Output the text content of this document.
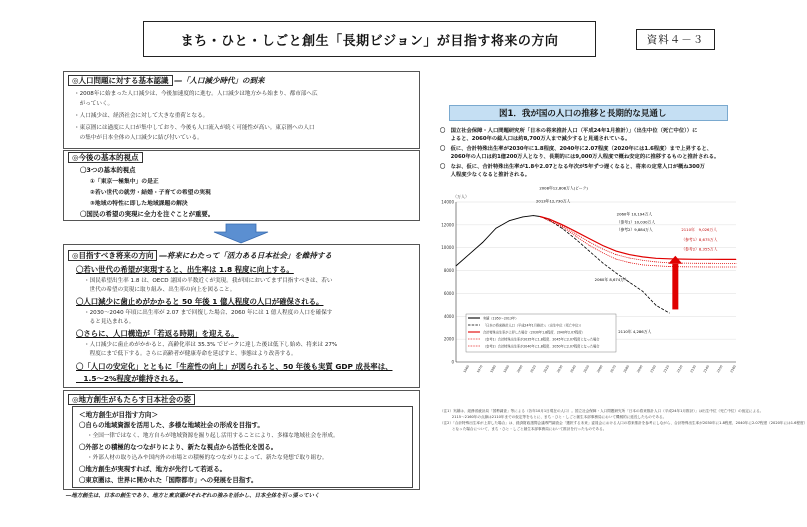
まち・ひと・しごと創生「長期ビジョン」が目指す将来の方向	資料４－３
◎人口問題に対する基本認識 ―「人口減少時代」の到来
・2008年に始まった人口減少は、今後加速度的に進む。人口減少は地方から始まり、都市部へ広
　がっていく。
・人口減少は、経済社会に対して大きな重荷となる。
・東京圏には過度に人口が集中しており、今後も人口流入が続く可能性が高い。東京圏への人口
　の集中が日本全体の人口減少に結び付いている。
◎今後の基本的視点
〇3つの基本的視点
①「東京一極集中」の是正
②若い世代の就労・結婚・子育ての希望の実現
③地域の特性に即した地域課題の解決
〇国民の希望の実現に全力を注ぐことが重要。
◎目指すべき将来の方向 ―将来にわたって「活力ある日本社会」を維持する
〇若い世代の希望が実現すると、出生率は 1.8 程度に向上する。
・国民希望出生率 1.8 は、OECD 諸国の半数近くが実現。我が国においてまず目指すべきは、若い
　世代の希望の実現に取り組み、出生率の向上を図ること。
〇人口減少に歯止めがかかると 50 年後 1 億人程度の人口が確保される。
・2030～2040 年頃に出生率が 2.07 まで回復した場合、2060 年には 1 億人程度の人口を確保す
　ると見込まれる。
〇さらに、人口構造が「若返る時期」を迎える。
・人口減少に歯止めがかかると、高齢化率は 35.3% でピークに達した後は低下し始め、将来は 27%
　程度にまで低下する。さらに高齢者が健康寿命を延ばすと、事態はより改善する。
〇「人口の安定化」とともに「生産性の向上」が図られると、50 年後も実質 GDP 成長率は、
　1.5～2%程度が維持される。
◎地方創生がもたらす日本社会の姿
＜地方創生が目指す方向＞
〇自らの地域資源を活用した、多様な地域社会の形成を目指す。
・全国一律ではなく、地方自らが地域資源を掘り起し活用することにより、多様な地域社会を形成。
〇外部との積極的なつながりにより、新たな視点から活性化を図る。
・外部人材の取り込みや国内外の市場との積極的なつながりによって、新たな発想で取り組む。
〇地方創生が実現すれば、地方が先行して若返る。
〇東京圏は、世界に開かれた「国際都市」への発展を目指す。
―地方創生は、日本の創生であり、地方と東京圏がそれぞれの強みを活かし、日本全体を引っ張っていく
図1．我が国の人口の推移と長期的な見通し
〇　国立社会保障・人口問題研究所「日本の将来推計人口（平成24年1月推計）」（出生中位（死亡中位））に
　　よると、2060年の総人口は約8,700万人まで減少すると見通されている。
〇　仮に、合計特殊出生率が2030年に1.8程度、2040年に2.07程度（2020年には1.6程度）まで上昇すると、
　　2060年の人口は約1億200万人となり、長期的には9,000万人程度で概ね安定的に推移するものと推計される。
〇　なお、仮に、合計特殊出生率が1.8や2.07となる年次が5年ずつ遅くなると、将来の定常人口が概ね300万
　　人程度少なくなると推計される。
0
2000
4000
6000
8000
10000
12000
14000
（万人）
1960 1970 1980 1990 2000 2010 2020 2030 2040 2050 2060 2070 2080 2090 2100 2110 2120 2130 2140 2150 2160
2008年12,808万人(ピーク)
2013年12,730万人
2060年 10,194万人
（参考1）10,030万人
（参考2）9,884万人	2110年　9,026万人
（参考1）8,675万人
（参考2）8,355万人
2060年 8,674万人
2110年 4,286万人
実績（1950～2013年）
「日本の将来推計人口（平成24年1月推計）」（出生中位（死亡中位））
合計特殊出生率が上昇した場合（2030年1.8程度、2040年2.07程度）
（参考1）合計特殊出生率が2035年に1.8程度、2045年に2.07程度となった場合
（参考2）合計特殊出生率が2040年に1.8程度、2050年に2.07程度となった場合
（注1）実績は、総務省統計局「国勢調査」等による（各年10月1日現在の人口）。国立社会保障・人口問題研究所「日本の将来推計人口（平成24年1月推計）」は出生中位（死亡中位）の仮定による。
　　　 2115～2160年の点線は2110年までの仮定等をもとに、まち・ひと・しごと創生本部事務局において機械的に延長したものである。
（注2）「合計特殊出生率が上昇した場合」は、経済財政諮問会議専門調査会「選択する未来」委員会における人口の将来推計を参考にしながら、合計特殊出生率が2030年に1.8程度、2040年に2.07程度（2020年には1.6程度）
　　　 となった場合について、まち・ひと・しごと創生本部事務局において推計を行ったものである。
